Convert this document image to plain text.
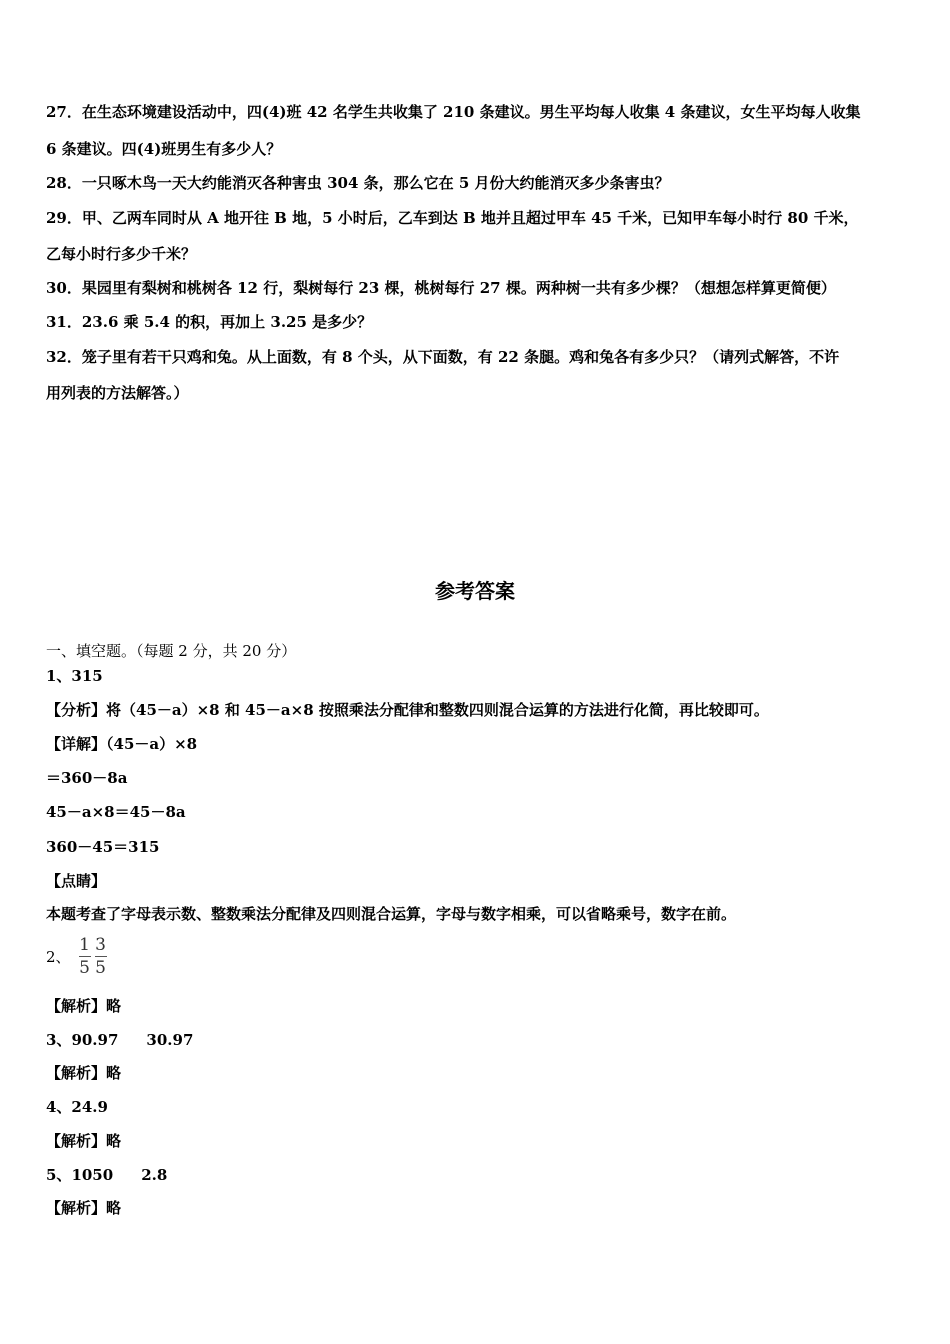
27．在生态环境建设活动中，四(4)班 42 名学生共收集了 210 条建议。男生平均每人收集 4 条建议，女生平均每人收集
6 条建议。四(4)班男生有多少人？
28．一只啄木鸟一天大约能消灭各种害虫 304 条，那么它在 5 月份大约能消灭多少条害虫？
29．甲、乙两车同时从 A 地开往 B 地，5 小时后，乙车到达 B 地并且超过甲车 45 千米，已知甲车每小时行 80 千米，
乙每小时行多少千米？
30．果园里有梨树和桃树各 12 行，梨树每行 23 棵，桃树每行 27 棵。两种树一共有多少棵？（想想怎样算更简便）
31．23.6 乘 5.4 的积，再加上 3.25 是多少？
32．笼子里有若干只鸡和兔。从上面数，有 8 个头，从下面数，有 22 条腿。鸡和兔各有多少只？（请列式解答，不许
用列表的方法解答。）
参考答案
一、填空题。（每题 2 分，共 20 分）
1、315
【分析】将（45－a）×8 和 45－a×8 按照乘法分配律和整数四则混合运算的方法进行化简，再比较即可。
【详解】（45－a）×8
＝360－8a
45－a×8＝45－8a
360－45＝315
【点睛】
本题考查了字母表示数、整数乘法分配律及四则混合运算，字母与数字相乘，可以省略乘号，数字在前。
2、 $\frac{1}{5} \frac{3}{5}$
【解析】略
3、90.97 30.97
【解析】略
4、24.9
【解析】略
5、1050 2.8
【解析】略
